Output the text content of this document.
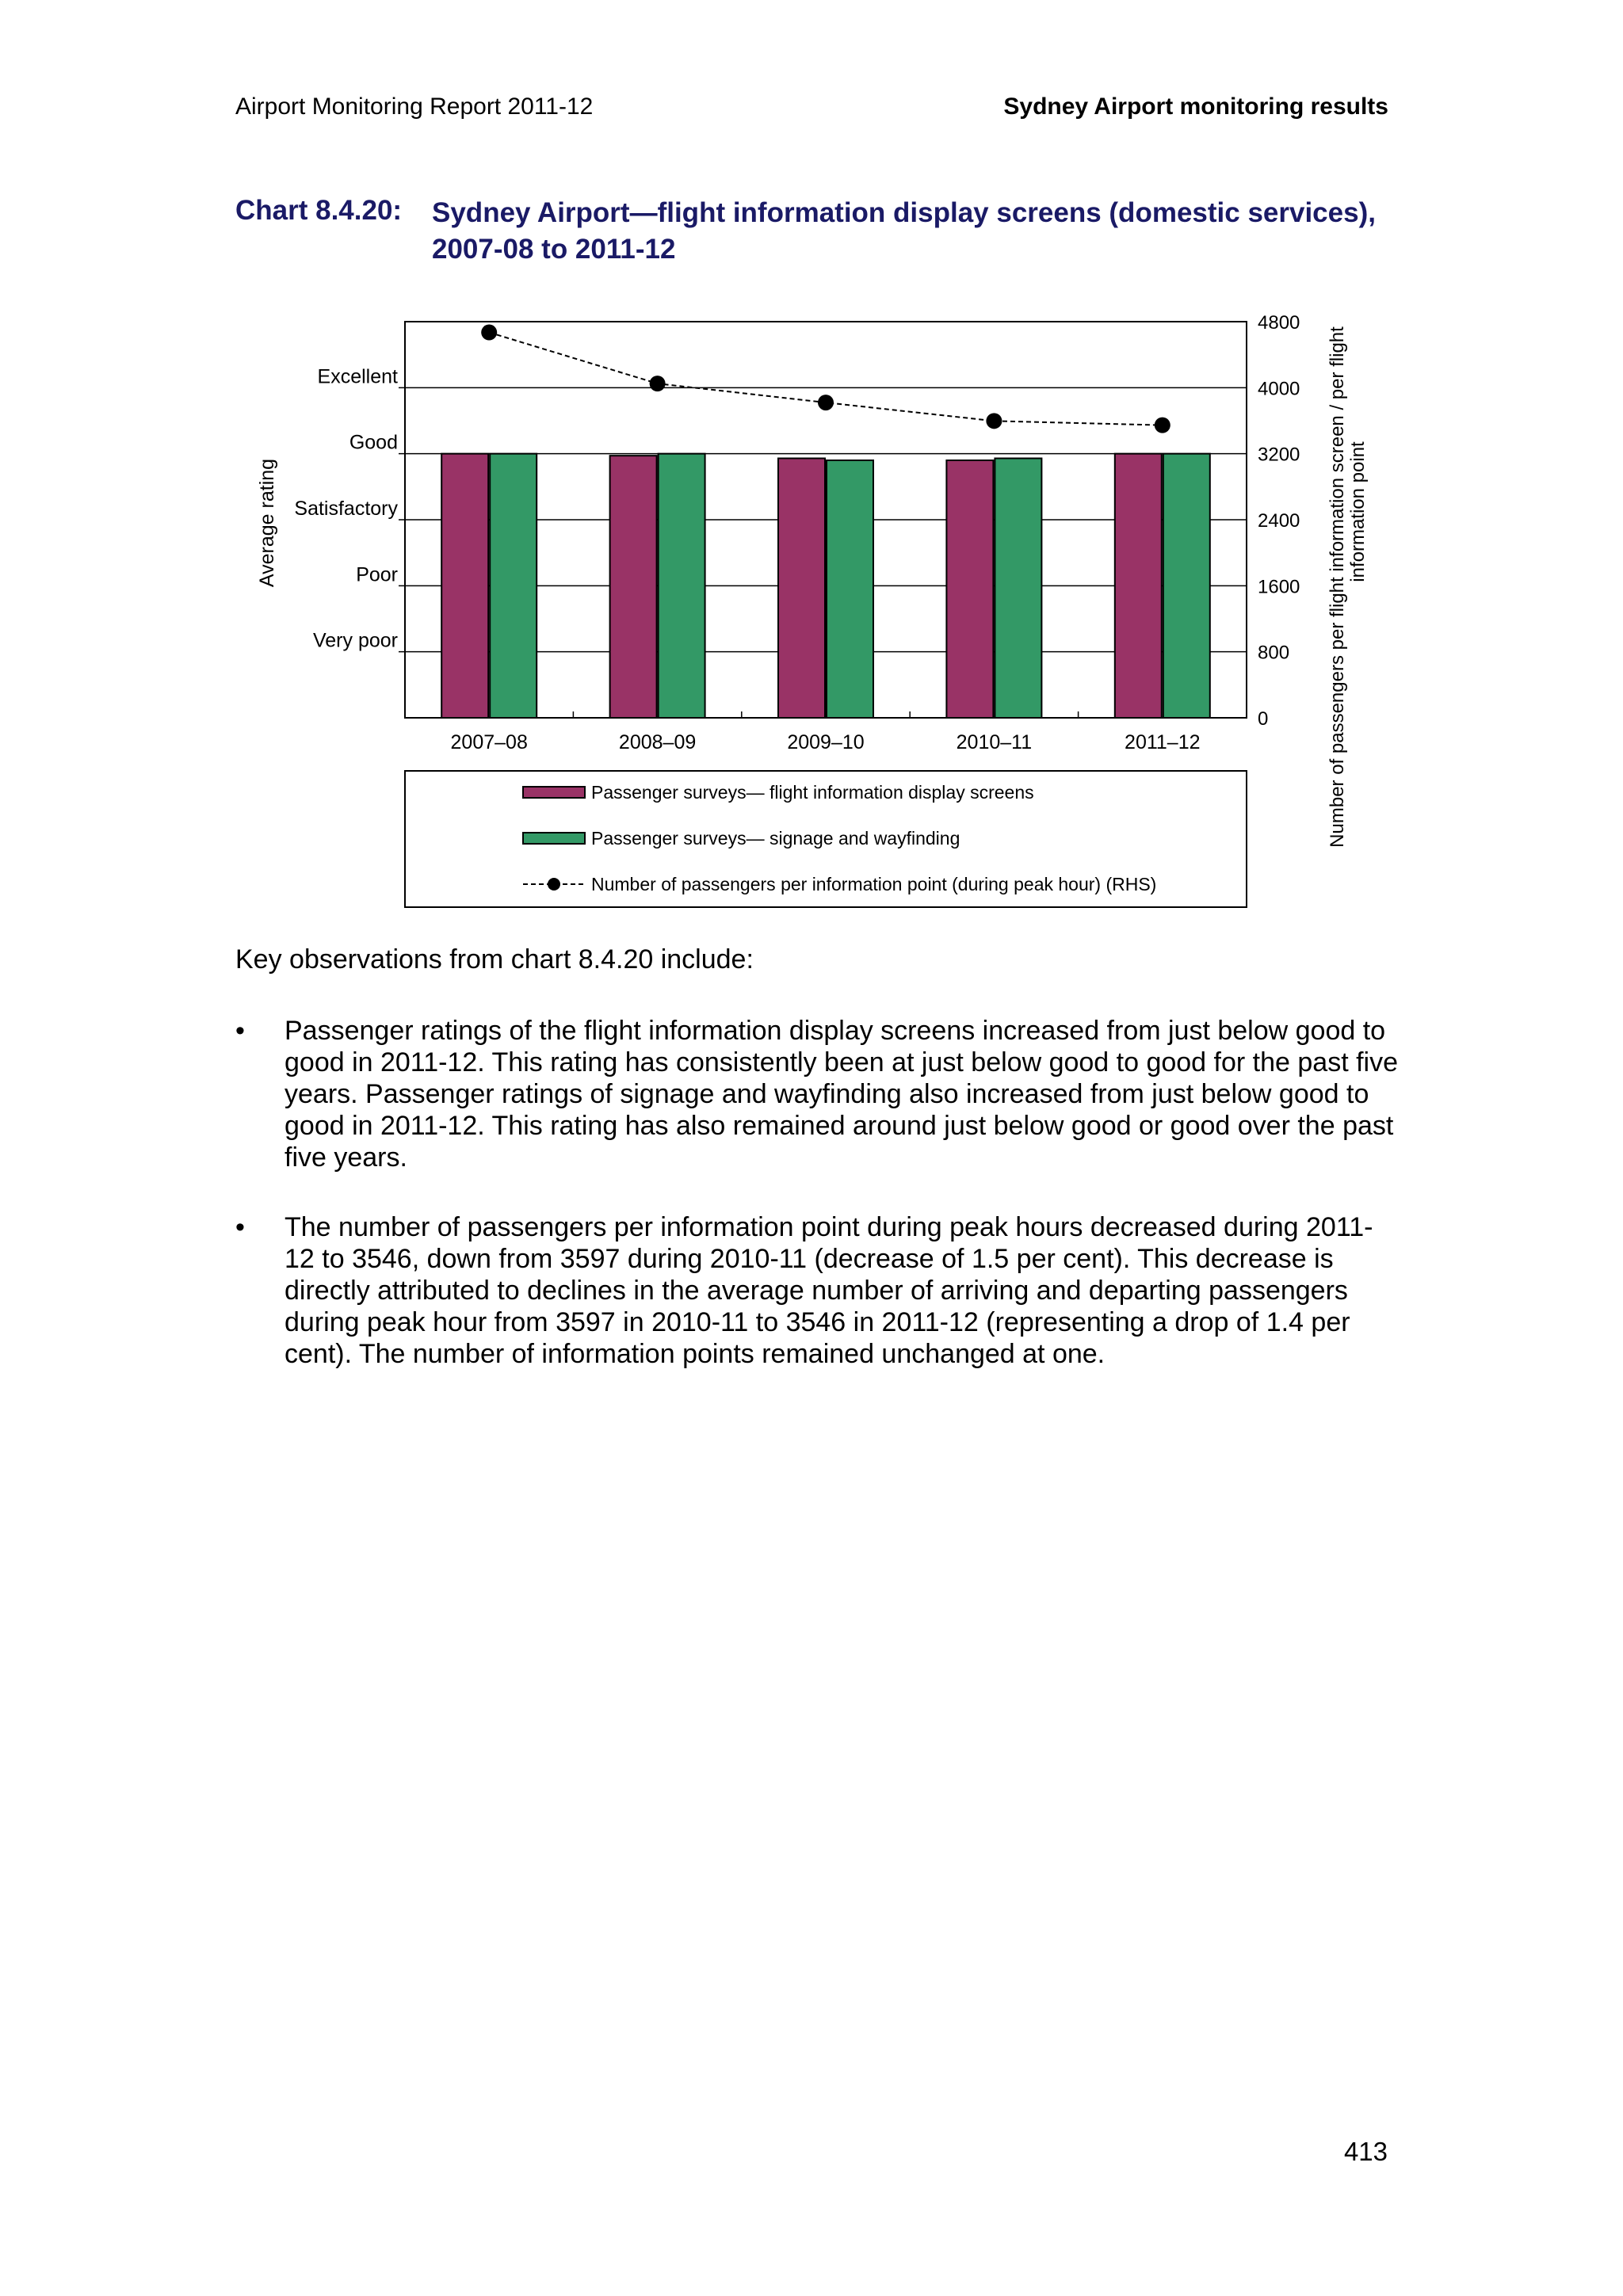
Airport Monitoring Report 2011-12	Sydney Airport monitoring results
Chart 8.4.20: Sydney Airport—flight information display screens (domestic services), 2007-08 to 2011-12
Very poor
Poor
Satisfactory
Good
Excellent
Average rating
0
800
1600
2400
3200
4000
4800
Number of passengers per flight information screen / per flight information point
2007–08	2008–09	2009–10	2010–11	2011–12
Passenger surveys— flight information display screens
Passenger surveys— signage and wayfinding
Number of passengers per information point (during peak hour) (RHS)
Key observations from chart 8.4.20 include:
• Passenger ratings of the flight information display screens increased from just below good to good in 2011-12. This rating has consistently been at just below good to good for the past five years. Passenger ratings of signage and wayfinding also increased from just below good to good in 2011-12. This rating has also remained around just below good or good over the past five years.
• The number of passengers per information point during peak hours decreased during 2011-12 to 3546, down from 3597 during 2010-11 (decrease of 1.5 per cent). This decrease is directly attributed to declines in the average number of arriving and departing passengers during peak hour from 3597 in 2010-11 to 3546 in 2011-12 (representing a drop of 1.4 per cent). The number of information points remained unchanged at one.
413
